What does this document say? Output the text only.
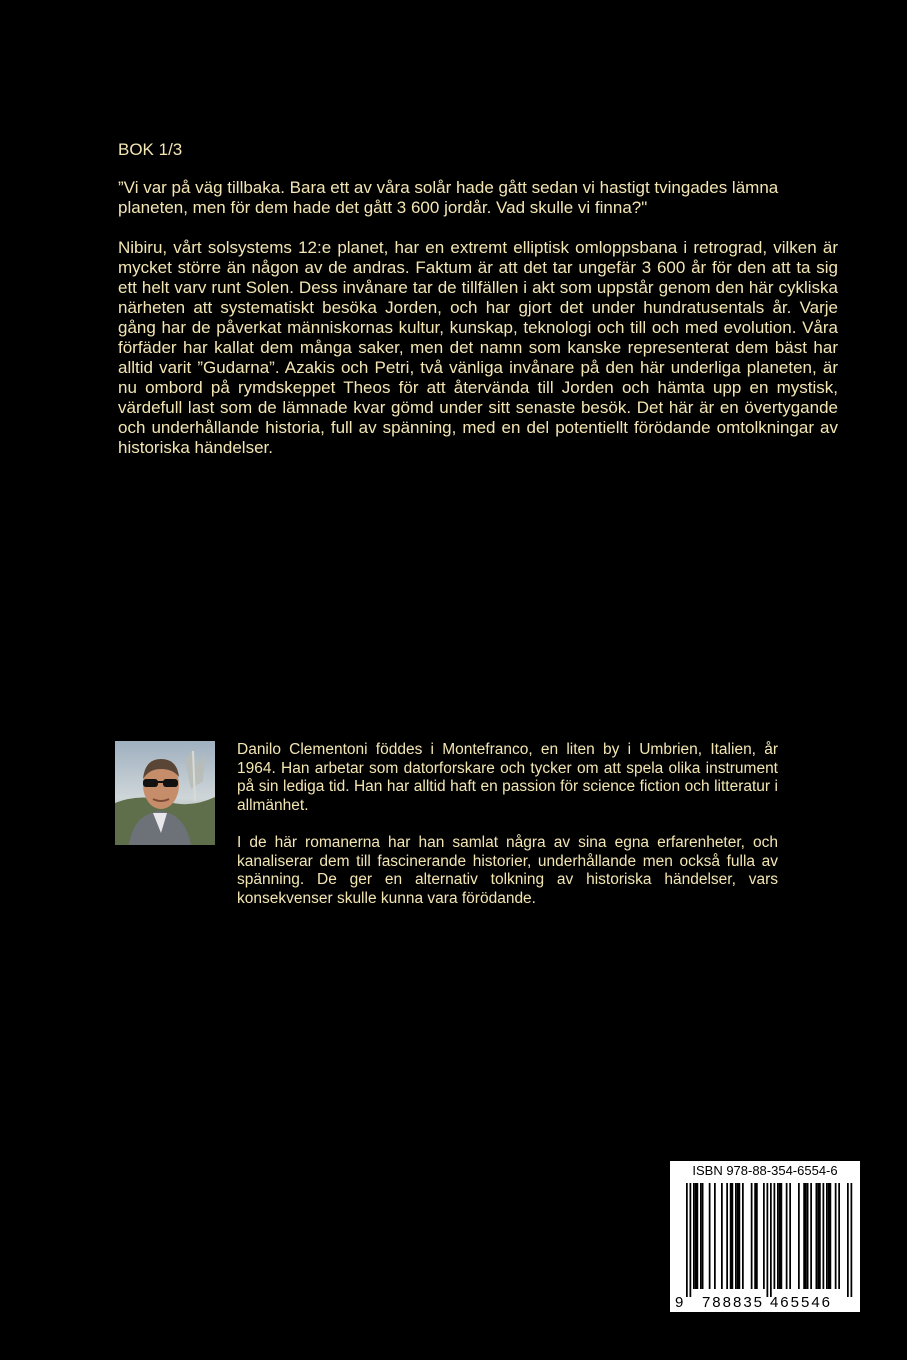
BOK 1/3

”Vi var på väg tillbaka. Bara ett av våra solår hade gått sedan vi hastigt tvingades lämna planeten, men för dem hade det gått 3 600 jordår. Vad skulle vi finna?"

Nibiru, vårt solsystems 12:e planet, har en extremt elliptisk omloppsbana i retrograd, vilken är mycket större än någon av de andras. Faktum är att det tar ungefär 3 600 år för den att ta sig ett helt varv runt Solen. Dess invånare tar de tillfällen i akt som uppstår genom den här cykliska närheten att systematiskt besöka Jorden, och har gjort det under hundratusentals år. Varje gång har de påverkat människornas kultur, kunskap, teknologi och till och med evolution. Våra förfäder har kallat dem många saker, men det namn som kanske representerat dem bäst har alltid varit ”Gudarna”. Azakis och Petri, två vänliga invånare på den här underliga planeten, är nu ombord på rymdskeppet Theos för att återvända till Jorden och hämta upp en mystisk, värdefull last som de lämnade kvar gömd under sitt senaste besök. Det här är en övertygande och underhållande historia, full av spänning, med en del potentiellt förödande omtolkningar av historiska händelser.

Danilo Clementoni föddes i Montefranco, en liten by i Umbrien, Italien, år 1964. Han arbetar som datorforskare och tycker om att spela olika instrument på sin lediga tid. Han har alltid haft en passion för science fiction och litteratur i allmänhet.

I de här romanerna har han samlat några av sina egna erfarenheter, och kanaliserar dem till fascinerande historier, underhållande men också fulla av spänning. De ger en alternativ tolkning av historiska händelser, vars konsekvenser skulle kunna vara förödande.

ISBN 978-88-354-6554-6
9 788835 465546
